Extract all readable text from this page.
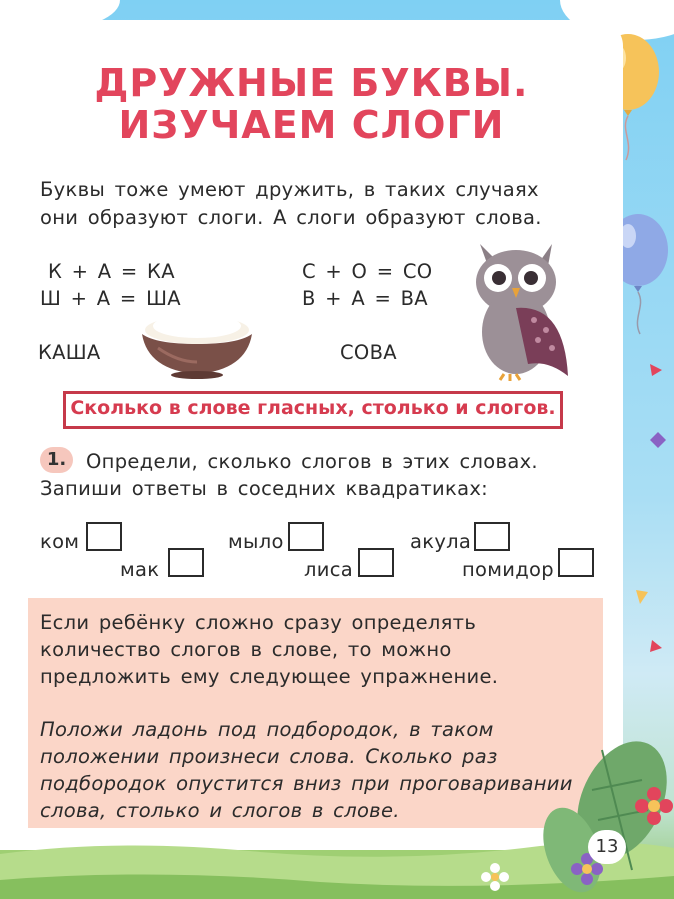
ДРУЖНЫЕ БУКВЫ.
ИЗУЧАЕМ СЛОГИ
Буквы тоже умеют дружить, в таких случаях
они образуют слоги. А слоги образуют слова.
К + А = КА
Ш + А = ША
С + О = СО
В + А = ВА
КАША	СОВА
Сколько в слове гласных, столько и слогов.
1.	Определи, сколько слогов в этих словах.
Запиши ответы в соседних квадратиках:
ком
мак
мыло
лиса
акула
помидор
Если ребёнку сложно сразу определять
количество слогов в слове, то можно
предложить ему следующее упражнение.
Положи ладонь под подбородок, в таком
положении произнеси слова. Сколько раз
подбородок опустится вниз при проговаривании
слова, столько и слогов в слове.
13
